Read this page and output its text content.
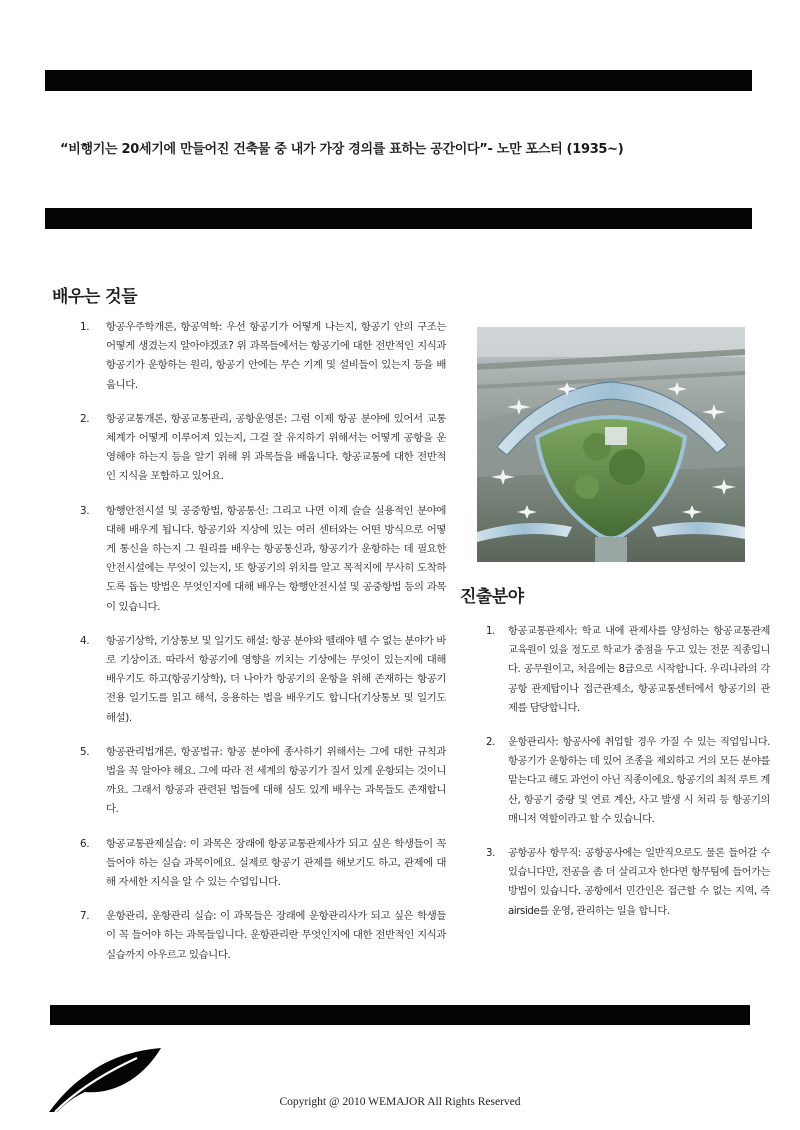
“비행기는 20세기에 만들어진 건축물 중 내가 가장 경의를 표하는 공간이다”- 노만 포스터 (1935~)
배우는 것들
1. 항공우주학개론, 항공역학: 우선 항공기가 어떻게 나는지, 항공기 안의 구조는 어떻게 생겼는지 알아야겠죠? 위 과목들에서는 항공기에 대한 전반적인 지식과 항공기가 운항하는 원리, 항공기 안에는 무슨 기계 및 설비들이 있는지 등을 배웁니다.
2. 항공교통개론, 항공교통관리, 공항운영론: 그럼 이제 항공 분야에 있어서 교통 체계가 어떻게 이루어져 있는지, 그걸 잘 유지하기 위해서는 어떻게 공항을 운영해야 하는지 등을 알기 위해 위 과목들을 배웁니다. 항공교통에 대한 전반적인 지식을 포함하고 있어요.
3. 항행안전시설 및 공중항법, 항공통신: 그리고 나면 이제 슬슬 실용적인 분야에 대해 배우게 됩니다. 항공기와 지상에 있는 여러 센터와는 어떤 방식으로 어떻게 통신을 하는지 그 원리를 배우는 항공통신과, 항공기가 운항하는 데 필요한 안전시설에는 무엇이 있는지, 또 항공기의 위치를 알고 목적지에 무사히 도착하도록 돕는 방법은 무엇인지에 대해 배우는 항행안전시설 및 공중항법 등의 과목이 있습니다.
4. 항공기상학, 기상통보 및 일기도 해설: 항공 분야와 뗄래야 뗄 수 없는 분야가 바로 기상이죠. 따라서 항공기에 영향을 끼치는 기상에는 무엇이 있는지에 대해 배우기도 하고(항공기상학), 더 나아가 항공기의 운항을 위해 존재하는 항공기 전용 일기도를 읽고 해석, 응용하는 법을 배우기도 합니다(기상통보 및 일기도 해설).
5. 항공관리법개론, 항공법규: 항공 분야에 종사하기 위해서는 그에 대한 규칙과 법을 꼭 알아야 해요. 그에 따라 전 세계의 항공기가 질서 있게 운항되는 것이니까요. 그래서 항공과 관련된 법들에 대해 심도 있게 배우는 과목들도 존재합니다.
6. 항공교통관제실습: 이 과목은 장래에 항공교통관제사가 되고 싶은 학생들이 꼭 들어야 하는 실습 과목이에요. 실제로 항공기 관제를 해보기도 하고, 관제에 대해 자세한 지식을 알 수 있는 수업입니다.
7. 운항관리, 운항관리 실습: 이 과목들은 장래에 운항관리사가 되고 싶은 학생들이 꼭 들어야 하는 과목들입니다. 운항관리란 무엇인지에 대한 전반적인 지식과 실습까지 아우르고 있습니다.
진출분야
1. 항공교통관제사: 학교 내에 관제사를 양성하는 항공교통관제교육원이 있을 정도로 학교가 중점을 두고 있는 전문 직종입니다. 공무원이고, 처음에는 8급으로 시작합니다. 우리나라의 각 공항 관제탑이나 접근관제소, 항공교통센터에서 항공기의 관제를 담당합니다.
2. 운항관리사: 항공사에 취업할 경우 가질 수 있는 직업입니다. 항공기가 운항하는 데 있어 조종을 제외하고 거의 모든 분야를 맡는다고 해도 과언이 아닌 직종이에요. 항공기의 최적 루트 계산, 항공기 중량 및 연료 계산, 사고 발생 시 처리 등 항공기의 매니저 역할이라고 할 수 있습니다.
3. 공항공사 항무직: 공항공사에는 일반직으로도 물론 들어갈 수 있습니다만, 전공을 좀 더 살리고자 한다면 항무팀에 들어가는 방법이 있습니다. 공항에서 민간인은 접근할 수 없는 지역, 즉 airside를 운영, 관리하는 일을 합니다.
Copyright @ 2010 WEMAJOR All Rights Reserved
